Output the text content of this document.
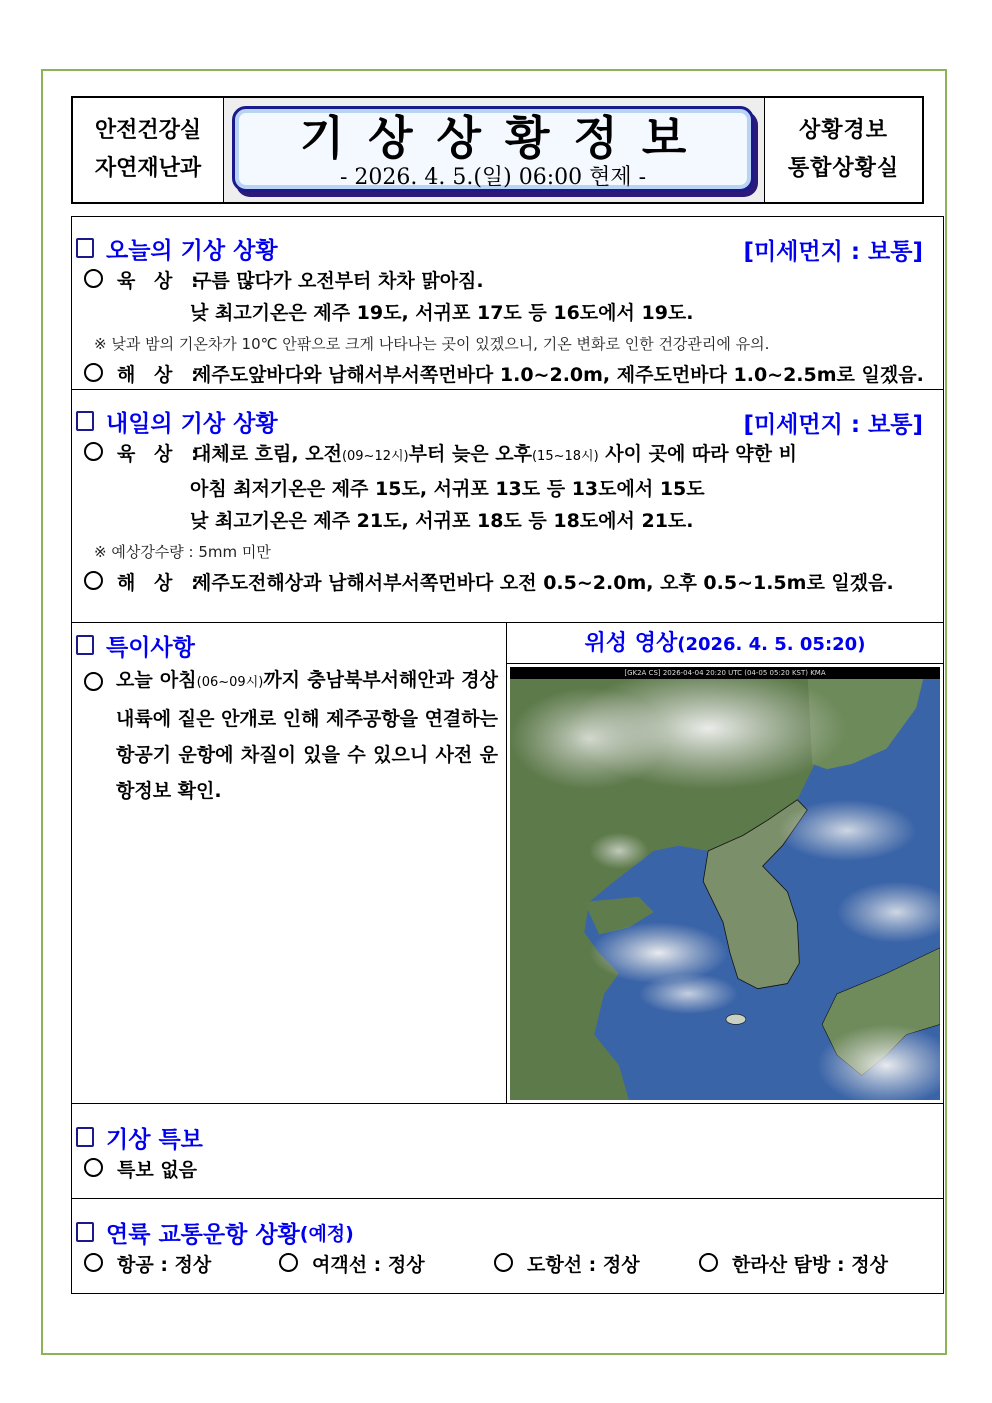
안전건강실
자연재난과
기상상황정보
- 2026. 4. 5.(일) 06:00 현제 -
상황경보
통합상황실
오늘의 기상 상황	[미세먼지 : 보통]
육 상 :구름 많다가 오전부터 차차 맑아짐.
낮 최고기온은 제주 19도, 서귀포 17도 등 16도에서 19도.
※ 낮과 밤의 기온차가 10℃ 안팎으로 크게 나타나는 곳이 있겠으니, 기온 변화로 인한 건강관리에 유의.
해 상 :제주도앞바다와 남해서부서쪽먼바다 1.0~2.0m, 제주도먼바다 1.0~2.5m로 일겠음.
내일의 기상 상황	[미세먼지 : 보통]
육 상 :대체로 흐림, 오전(09~12시)부터 늦은 오후(15~18시) 사이 곳에 따라 약한 비
아침 최저기온은 제주 15도, 서귀포 13도 등 13도에서 15도
낮 최고기온은 제주 21도, 서귀포 18도 등 18도에서 21도.
※ 예상강수량 : 5mm 미만
해 상 :제주도전해상과 남해서부서쪽먼바다 오전 0.5~2.0m, 오후 0.5~1.5m로 일겠음.
특이사항
오늘 아침(06~09시)까지 충남북부서해안과 경상내륙에 짙은 안개로 인해 제주공항을 연결하는 항공기 운항에 차질이 있을 수 있으니 사전 운항정보 확인.
위성 영상(2026. 4. 5. 05:20)
[GK2A CS] 2026-04-04 20:20 UTC (04-05 05:20 KST) KMA
기상 특보
특보 없음
연륙 교통운항 상황 (예정)
항공 : 정상	여객선 : 정상	도항선 : 정상	한라산 탐방 : 정상
